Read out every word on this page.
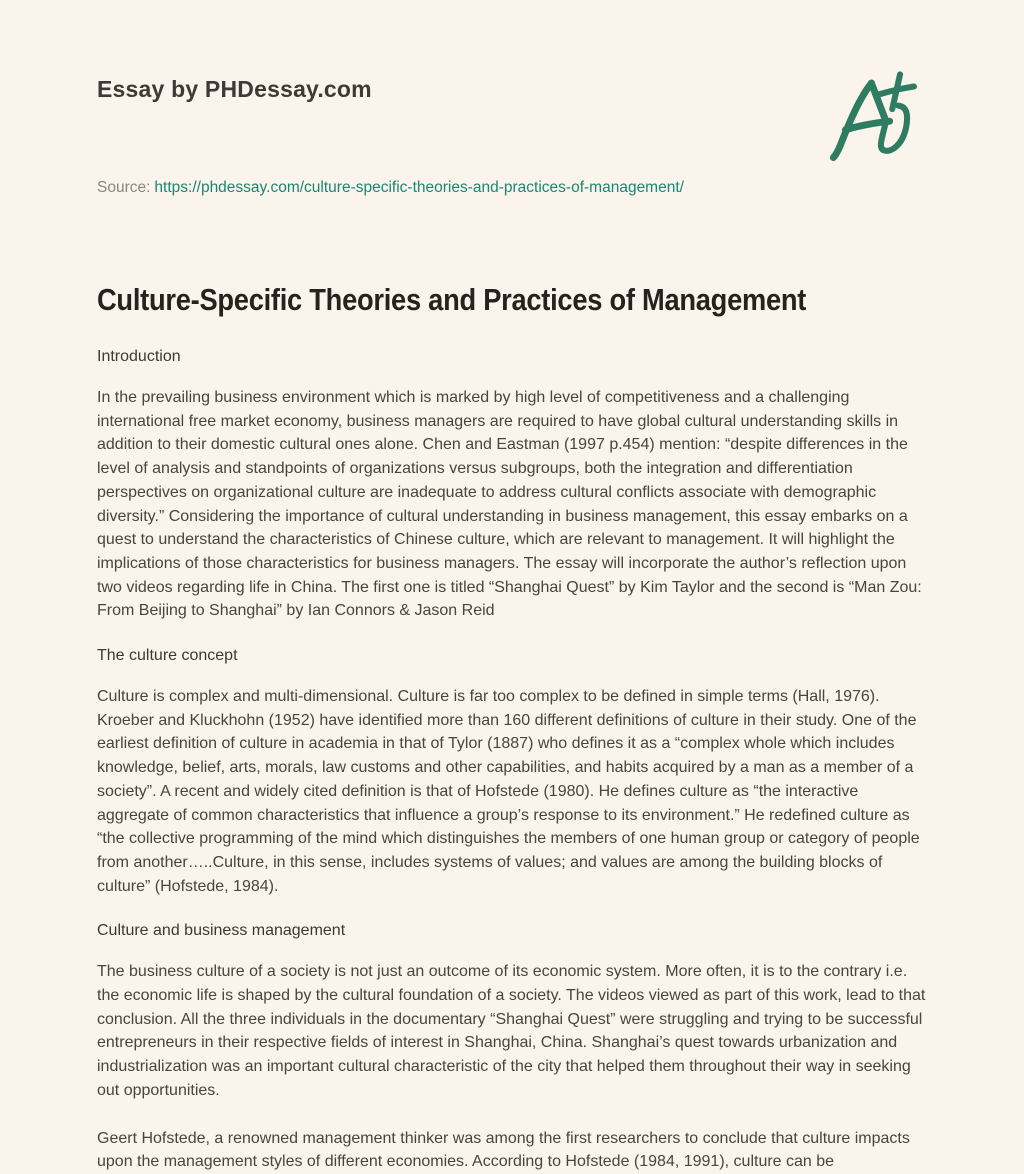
Essay by PHDessay.com
Source: https://phdessay.com/culture-specific-theories-and-practices-of-management/
Culture-Specific Theories and Practices of Management
Introduction

In the prevailing business environment which is marked by high level of competitiveness and a challenging international free market economy, business managers are required to have global cultural understanding skills in addition to their domestic cultural ones alone. Chen and Eastman (1997 p.454) mention: “despite differences in the level of analysis and standpoints of organizations versus subgroups, both the integration and differentiation perspectives on organizational culture are inadequate to address cultural conflicts associate with demographic diversity.” Considering the importance of cultural understanding in business management, this essay embarks on a quest to understand the characteristics of Chinese culture, which are relevant to management. It will highlight the implications of those characteristics for business managers. The essay will incorporate the author’s reflection upon two videos regarding life in China. The first one is titled “Shanghai Quest” by Kim Taylor and the second is “Man Zou: From Beijing to Shanghai” by Ian Connors & Jason Reid

The culture concept

Culture is complex and multi-dimensional. Culture is far too complex to be defined in simple terms (Hall, 1976). Kroeber and Kluckhohn (1952) have identified more than 160 different definitions of culture in their study. One of the earliest definition of culture in academia in that of Tylor (1887) who defines it as a “complex whole which includes knowledge, belief, arts, morals, law customs and other capabilities, and habits acquired by a man as a member of a society”. A recent and widely cited definition is that of Hofstede (1980). He defines culture as “the interactive aggregate of common characteristics that influence a group’s response to its environment.” He redefined culture as “the collective programming of the mind which distinguishes the members of one human group or category of people from another…..Culture, in this sense, includes systems of values; and values are among the building blocks of culture” (Hofstede, 1984).

Culture and business management

The business culture of a society is not just an outcome of its economic system. More often, it is to the contrary i.e. the economic life is shaped by the cultural foundation of a society. The videos viewed as part of this work, lead to that conclusion. All the three individuals in the documentary “Shanghai Quest” were struggling and trying to be successful entrepreneurs in their respective fields of interest in Shanghai, China. Shanghai’s quest towards urbanization and industrialization was an important cultural characteristic of the city that helped them throughout their way in seeking out opportunities.

Geert Hofstede, a renowned management thinker was among the first researchers to conclude that culture impacts upon the management styles of different economies. According to Hofstede (1984, 1991), culture can be
